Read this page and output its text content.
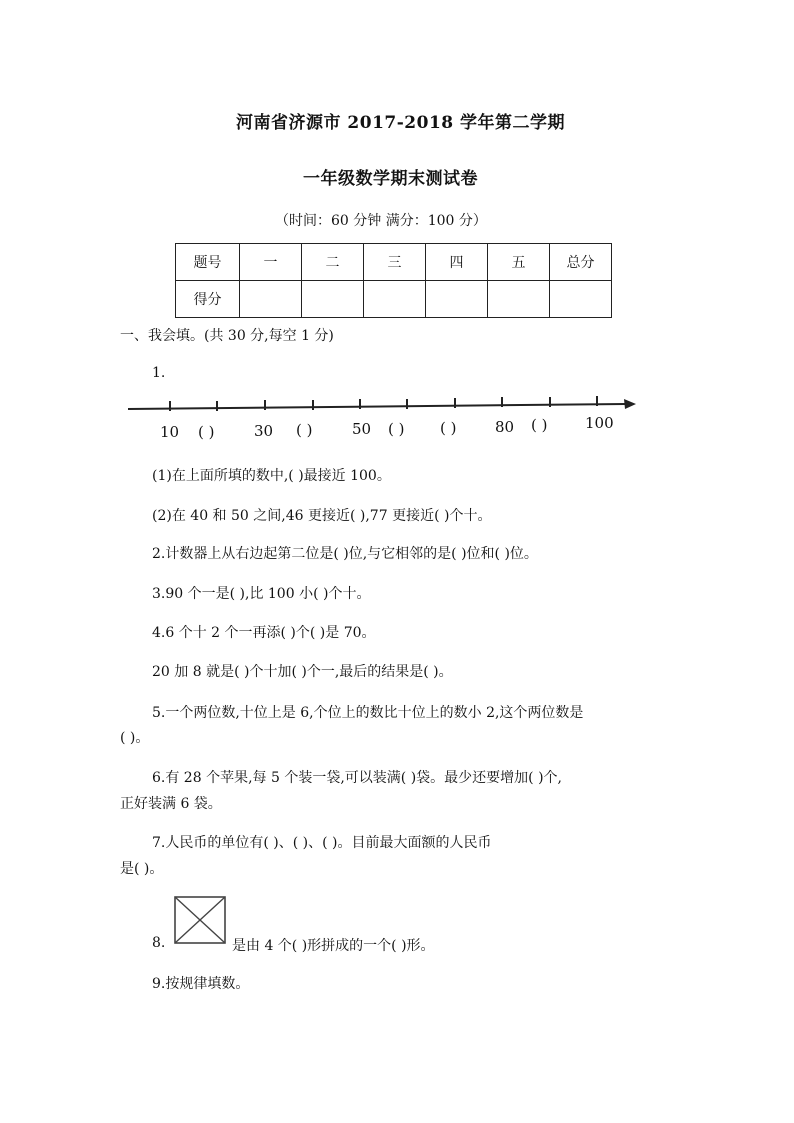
河南省济源市 2017-2018 学年第二学期
一年级数学期末测试卷
（时间：60 分钟 满分：100 分）
题号	一	二	三	四	五	总分
得分						
一、我会填。(共 30 分,每空 1 分)
1.
10 ( )	30 ( )	50 ( ) ( )	80 ( )	100
(1)在上面所填的数中,( )最接近 100。
(2)在 40 和 50 之间,46 更接近( ),77 更接近( )个十。
2.计数器上从右边起第二位是( )位,与它相邻的是( )位和( )位。
3.90 个一是( ),比 100 小( )个十。
4.6 个十 2 个一再添( )个( )是 70。
20 加 8 就是( )个十加( )个一,最后的结果是( )。
5.一个两位数,十位上是 6,个位上的数比十位上的数小 2,这个两位数是
( )。
6.有 28 个苹果,每 5 个装一袋,可以装满( )袋。最少还要增加( )个,
正好装满 6 袋。
7.人民币的单位有( )、( )、( )。目前最大面额的人民币
是( )。
8.	是由 4 个( )形拼成的一个( )形。
9.按规律填数。
